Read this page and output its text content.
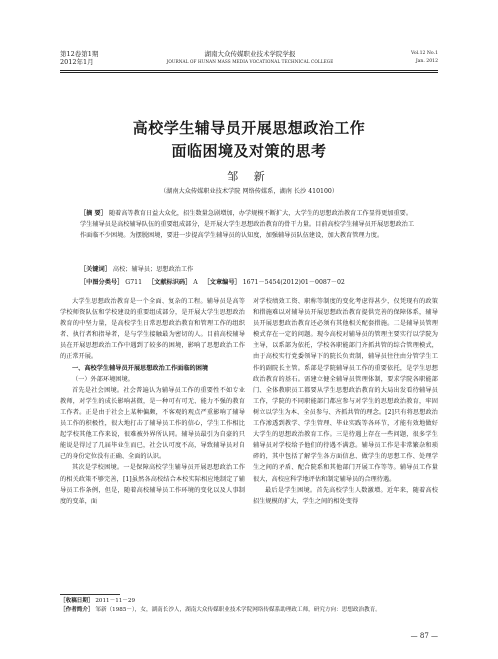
第12卷第1期
2012年1月
湖南大众传媒职业技术学院学报
JOURNAL OF HUNAN MASS MEDIA VOCATIONAL TECHNICAL COLLEGE
Vol.12 No.1
Jan. 2012
高校学生辅导员开展思想政治工作
面临困境及对策的思考
邹 新
（湖南大众传媒职业技术学院 网络传媒系，湖南 长沙 410100）
［摘 要］ 随着高等教育日益大众化，招生数量急剧增加，办学规模不断扩大，大学生的思想政治教育工作显得更加重要。学生辅导员是高校辅导队伍的重要组成部分，是开展大学生思想政治教育的骨干力量。目前高校学生辅导员开展思想政治工作面临不少困境。为摆脱困境，要进一步提高学生辅导员的认知度，加强辅导员队伍建设，加大教育管理力度。
［关键词］ 高校；辅导员；思想政治工作
［中图分类号］ G711 ［文献标识码］ A ［文章编号］ 1671－5454(2012)01－0087－02

大学生思想政治教育是一个全面、复杂的工程。辅导员是高等学校师资队伍和学校建设的重要组成部分，是开展大学生思想政治教育的中坚力量，是高校学生日常思想政治教育和管理工作的组织者、执行者和指导者，是与学生接触最为密切的人。目前高校辅导员在开展思想政治工作中遇到了较多的困境，影响了思想政治工作的正常开展。

一、高校学生辅导员开展思想政治工作面临的困境

（一）外部环境困境。

首先是社会困境。社会普遍认为辅导员工作的重要性不如专业教师，对学生的成长影响甚微，是一种可有可无、能力不强的教育工作者。正是由于社会上某种偏颇，不客观的观点严重影响了辅导员工作的积极性，很大地打击了辅导员工作的信心，学生工作相比起学校其他工作来说，很难被外界所认同。辅导员最引为自豪的只能说是得过了几届毕业生而已，社会认可度不高，导致辅导员对自己的身份定位没有正确、全面的认识。

其次是学校困境。一是保障高校学生辅导员开展思想政治工作的相关政策不够完善，[1]虽然各高校结合本校实际相应地制定了辅导员工作条例，但是，随着高校辅导员工作环境的变化以及人事制度的变革，面

对学校绩效工资、职称等制度的变化考虑得甚少，仅凭现有的政策和措施难以对辅导员开展思想政治教育提供完善的保障体系，辅导员开展思想政治教育还必须有其他相关配套措施。二是辅导员管理模式存在一定的问题。现今高校对辅导员的管理主要实行以学院为主导，以系部为依托，学校各职能部门齐抓共管的综合管理模式，由于高校实行党委领导下的院长负责制，辅导员往往由分管学生工作的副院长主管。系部是学院辅导员工作的重要依托，是学生思想政治教育的基石。需建立健全辅导员管理体制，要求学院各职能部门、全体教职员工都要从学生思想政治教育的大局出发看待辅导员工作，学院的不同职能部门都应参与对学生的思想政治教育，牢固树立以学生为本、全员参与、齐抓共管的理念。[2]只有将思想政治工作渗透到教学、学生管理、毕业实践等各环节，才能有效地做好大学生的思想政治教育工作。三是待遇上存在一些问题，很多学生辅导员对学校给予他们的待遇不满意。辅导员工作是非常繁杂和琐碎的，其中包括了解学生各方面信息、做学生的思想工作、处理学生之间的矛盾、配合院系和其他部门开展工作等等。辅导员工作量很大，高校应科学地评估和制定辅导员的合理待遇。

最后是学生困境。首先高校学生人数激增。近年来，随着高校招生规模的扩大，学生之间的相处变得

［收稿日期］ 2011－11－29
［作者简介］ 邹新（1985－），女，湖南长沙人，湖南大众传媒职业技术学院网络传媒系助理政工师，研究方向：思想政治教育。
— 87 —
